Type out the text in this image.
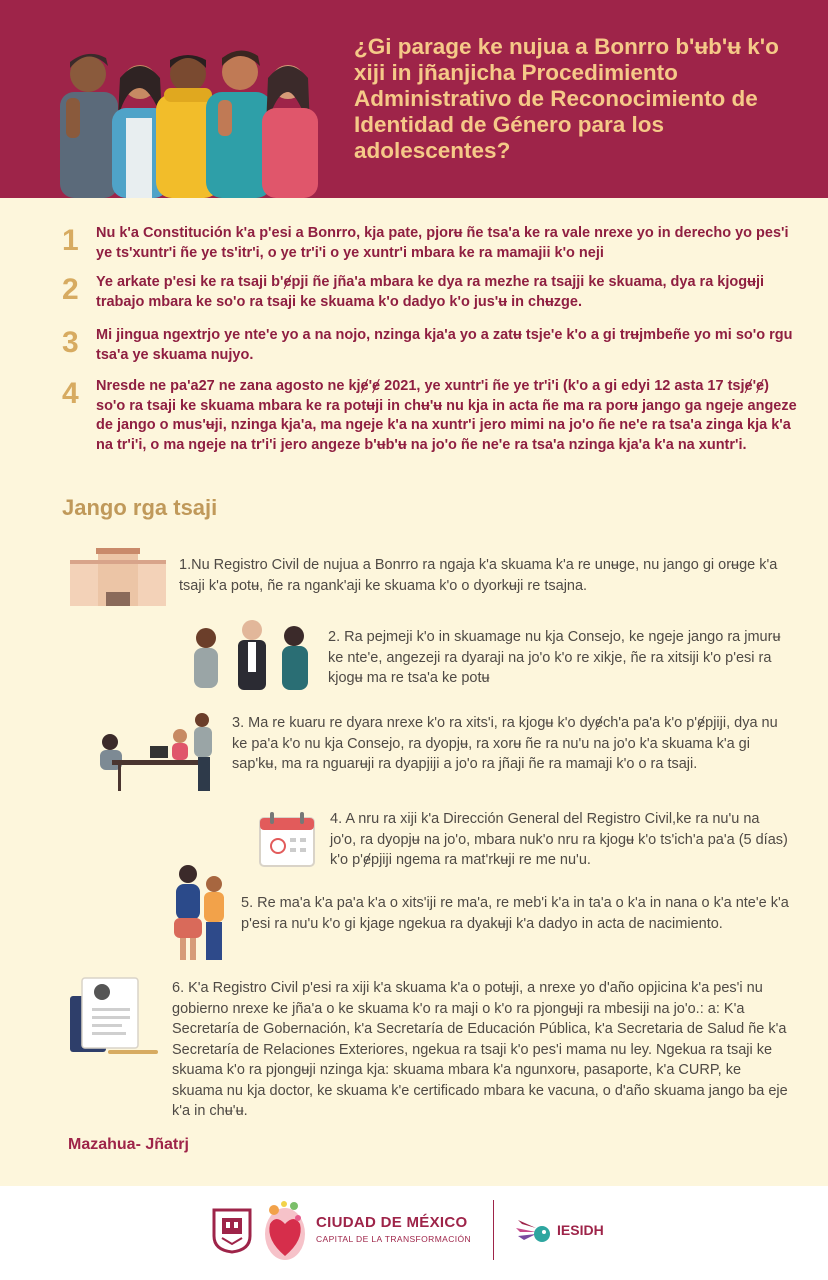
¿Gi parage ke nujua a Bonrro b'ʉb'ʉ k'o xiji in jñanjicha Procedimiento Administrativo de Reconocimiento de Identidad de Género para los adolescentes?
1	Nu k'a Constitución k'a p'esi a Bonrro, kja pate, pjorʉ ñe tsa'a ke ra vale nrexe yo in derecho yo pes'i ye ts'xuntr'i ñe ye ts'itr'i, o ye tr'i'i o ye xuntr'i mbara ke ra mamajii k'o neji
2	Ye arkate p'esi ke ra tsaji b'ɇpji ñe jña'a mbara ke dya ra mezhe ra tsajji ke skuama, dya ra kjogʉji trabajo mbara ke so'o ra tsaji ke skuama k'o dadyo k'o jus'ʉ in chʉzge.
3	Mi jingua ngextrjo ye nte'e yo a na nojo, nzinga kja'a yo a zatʉ tsje'e k'o a gi trʉjmbeñe yo mi so'o rgu tsa'a ye skuama nujyo.
4	Nresde ne pa'a27 ne zana agosto ne kjɇ'ɇ 2021, ye xuntr'i ñe ye tr'i'i (k'o a gi edyi 12 asta 17 tsjɇ'ɇ) so'o ra tsaji ke skuama mbara ke ra potʉji in chʉ'ʉ nu kja in acta ñe ma ra porʉ jango ga ngeje angeze de jango o mus'ʉji, nzinga kja'a, ma ngeje k'a na xuntr'i jero mimi na jo'o ñe ne'e ra tsa'a zinga kja k'a na tr'i'i, o ma ngeje na tr'i'i jero angeze b'ʉb'ʉ na jo'o ñe ne'e ra tsa'a nzinga kja'a k'a na xuntr'i.
Jango rga tsaji
1.Nu Registro Civil de nujua a Bonrro ra ngaja k'a skuama k'a re unʉge, nu jango gi orʉge k'a tsaji k'a potʉ, ñe ra ngank'aji ke skuama k'o o dyorkʉji re tsajna.
2. Ra pejmeji k'o in skuamage nu kja Consejo, ke ngeje jango ra jmurʉ ke nte'e, angezeji ra dyaraji na jo'o k'o re xikje, ñe ra xitsiji k'o p'esi ra kjogʉ ma re tsa'a ke potʉ
3. Ma re kuaru re dyara nrexe k'o ra xits'i, ra kjogʉ k'o dyɇch'a pa'a k'o p'ɇpjiji, dya nu ke pa'a k'o nu kja Consejo, ra dyopjʉ, ra xorʉ ñe ra nu'u na jo'o k'a skuama k'a gi sap'kʉ, ma ra nguarʉji ra dyapjiji a jo'o ra jñaji ñe ra mamaji k'o o ra tsaji.
4. A nru ra xiji k'a Dirección General del Registro Civil,ke ra nu'u na jo'o, ra dyopjʉ na jo'o, mbara nuk'o nru ra kjogʉ k'o ts'ich'a pa'a (5 días) k'o p'ɇpjiji ngema ra mat'rkʉji re me nu'u.
5. Re ma'a k'a pa'a k'a o xits'iji re ma'a, re meb'i k'a in ta'a o k'a in nana o k'a nte'e k'a p'esi ra nu'u k'o gi kjage ngekua ra dyakʉji k'a dadyo in acta de nacimiento.
6. K'a Registro Civil p'esi ra xiji k'a skuama k'a o potʉji, a nrexe yo d'año opjicina k'a pes'i nu gobierno nrexe ke jña'a o ke skuama k'o ra maji o k'o ra pjongʉji ra mbesiji na jo'o.: a: K'a Secretaría de Gobernación, k'a Secretaría de Educación Pública, k'a Secretaria de Salud ñe k'a Secretaría de Relaciones Exteriores, ngekua ra tsaji k'o pes'i mama nu ley. Ngekua ra tsaji ke skuama k'o ra pjongʉji nzinga kja: skuama mbara k'a ngunxorʉ, pasaporte, k'a CURP, ke skuama nu kja doctor, ke skuama k'e certificado mbara ke vacuna, o d'año skuama jango ba eje k'a in chʉ'ʉ.
Mazahua- Jñatrj
CIUDAD DE MÉXICO
CAPITAL DE LA TRANSFORMACIÓN
IESIDH
